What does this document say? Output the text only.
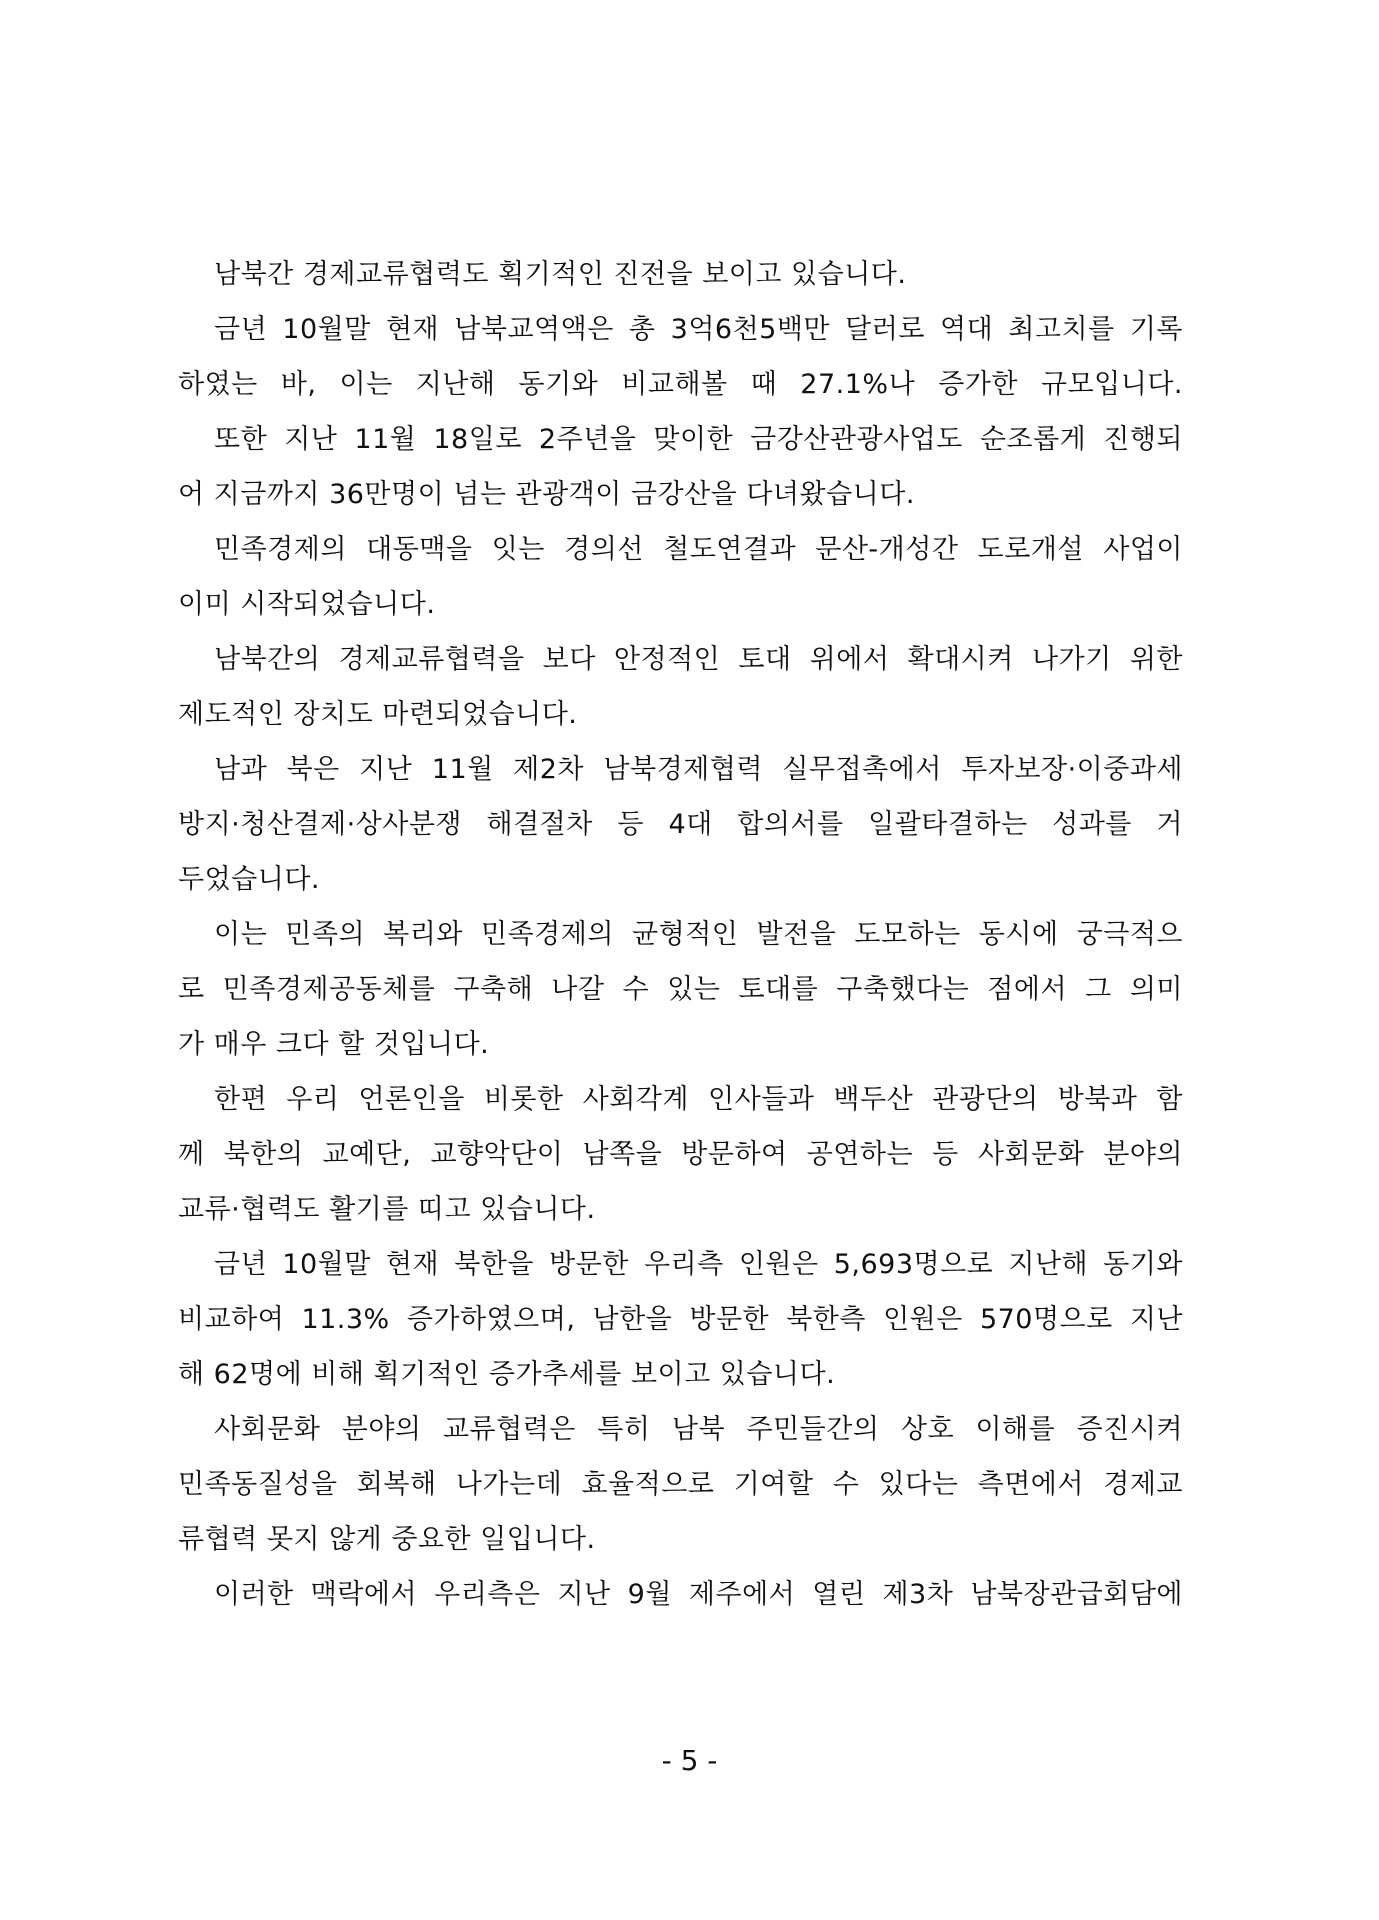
남북간 경제교류협력도 획기적인 진전을 보이고 있습니다.
금년 10월말 현재 남북교역액은 총 3억6천5백만 달러로 역대 최고치를 기록
하였는 바, 이는 지난해 동기와 비교해볼 때 27.1%나 증가한 규모입니다.
또한 지난 11월 18일로 2주년을 맞이한 금강산관광사업도 순조롭게 진행되
어 지금까지 36만명이 넘는 관광객이 금강산을 다녀왔습니다.
민족경제의 대동맥을 잇는 경의선 철도연결과 문산-개성간 도로개설 사업이
이미 시작되었습니다.
남북간의 경제교류협력을 보다 안정적인 토대 위에서 확대시켜 나가기 위한
제도적인 장치도 마련되었습니다.
남과 북은 지난 11월 제2차 남북경제협력 실무접촉에서 투자보장·이중과세
방지·청산결제·상사분쟁 해결절차 등 4대 합의서를 일괄타결하는 성과를 거
두었습니다.
이는 민족의 복리와 민족경제의 균형적인 발전을 도모하는 동시에 궁극적으
로 민족경제공동체를 구축해 나갈 수 있는 토대를 구축했다는 점에서 그 의미
가 매우 크다 할 것입니다.
한편 우리 언론인을 비롯한 사회각계 인사들과 백두산 관광단의 방북과 함
께 북한의 교예단, 교향악단이 남쪽을 방문하여 공연하는 등 사회문화 분야의
교류·협력도 활기를 띠고 있습니다.
금년 10월말 현재 북한을 방문한 우리측 인원은 5,693명으로 지난해 동기와
비교하여 11.3% 증가하였으며, 남한을 방문한 북한측 인원은 570명으로 지난
해 62명에 비해 획기적인 증가추세를 보이고 있습니다.
사회문화 분야의 교류협력은 특히 남북 주민들간의 상호 이해를 증진시켜
민족동질성을 회복해 나가는데 효율적으로 기여할 수 있다는 측면에서 경제교
류협력 못지 않게 중요한 일입니다.
이러한 맥락에서 우리측은 지난 9월 제주에서 열린 제3차 남북장관급회담에
- 5 -
